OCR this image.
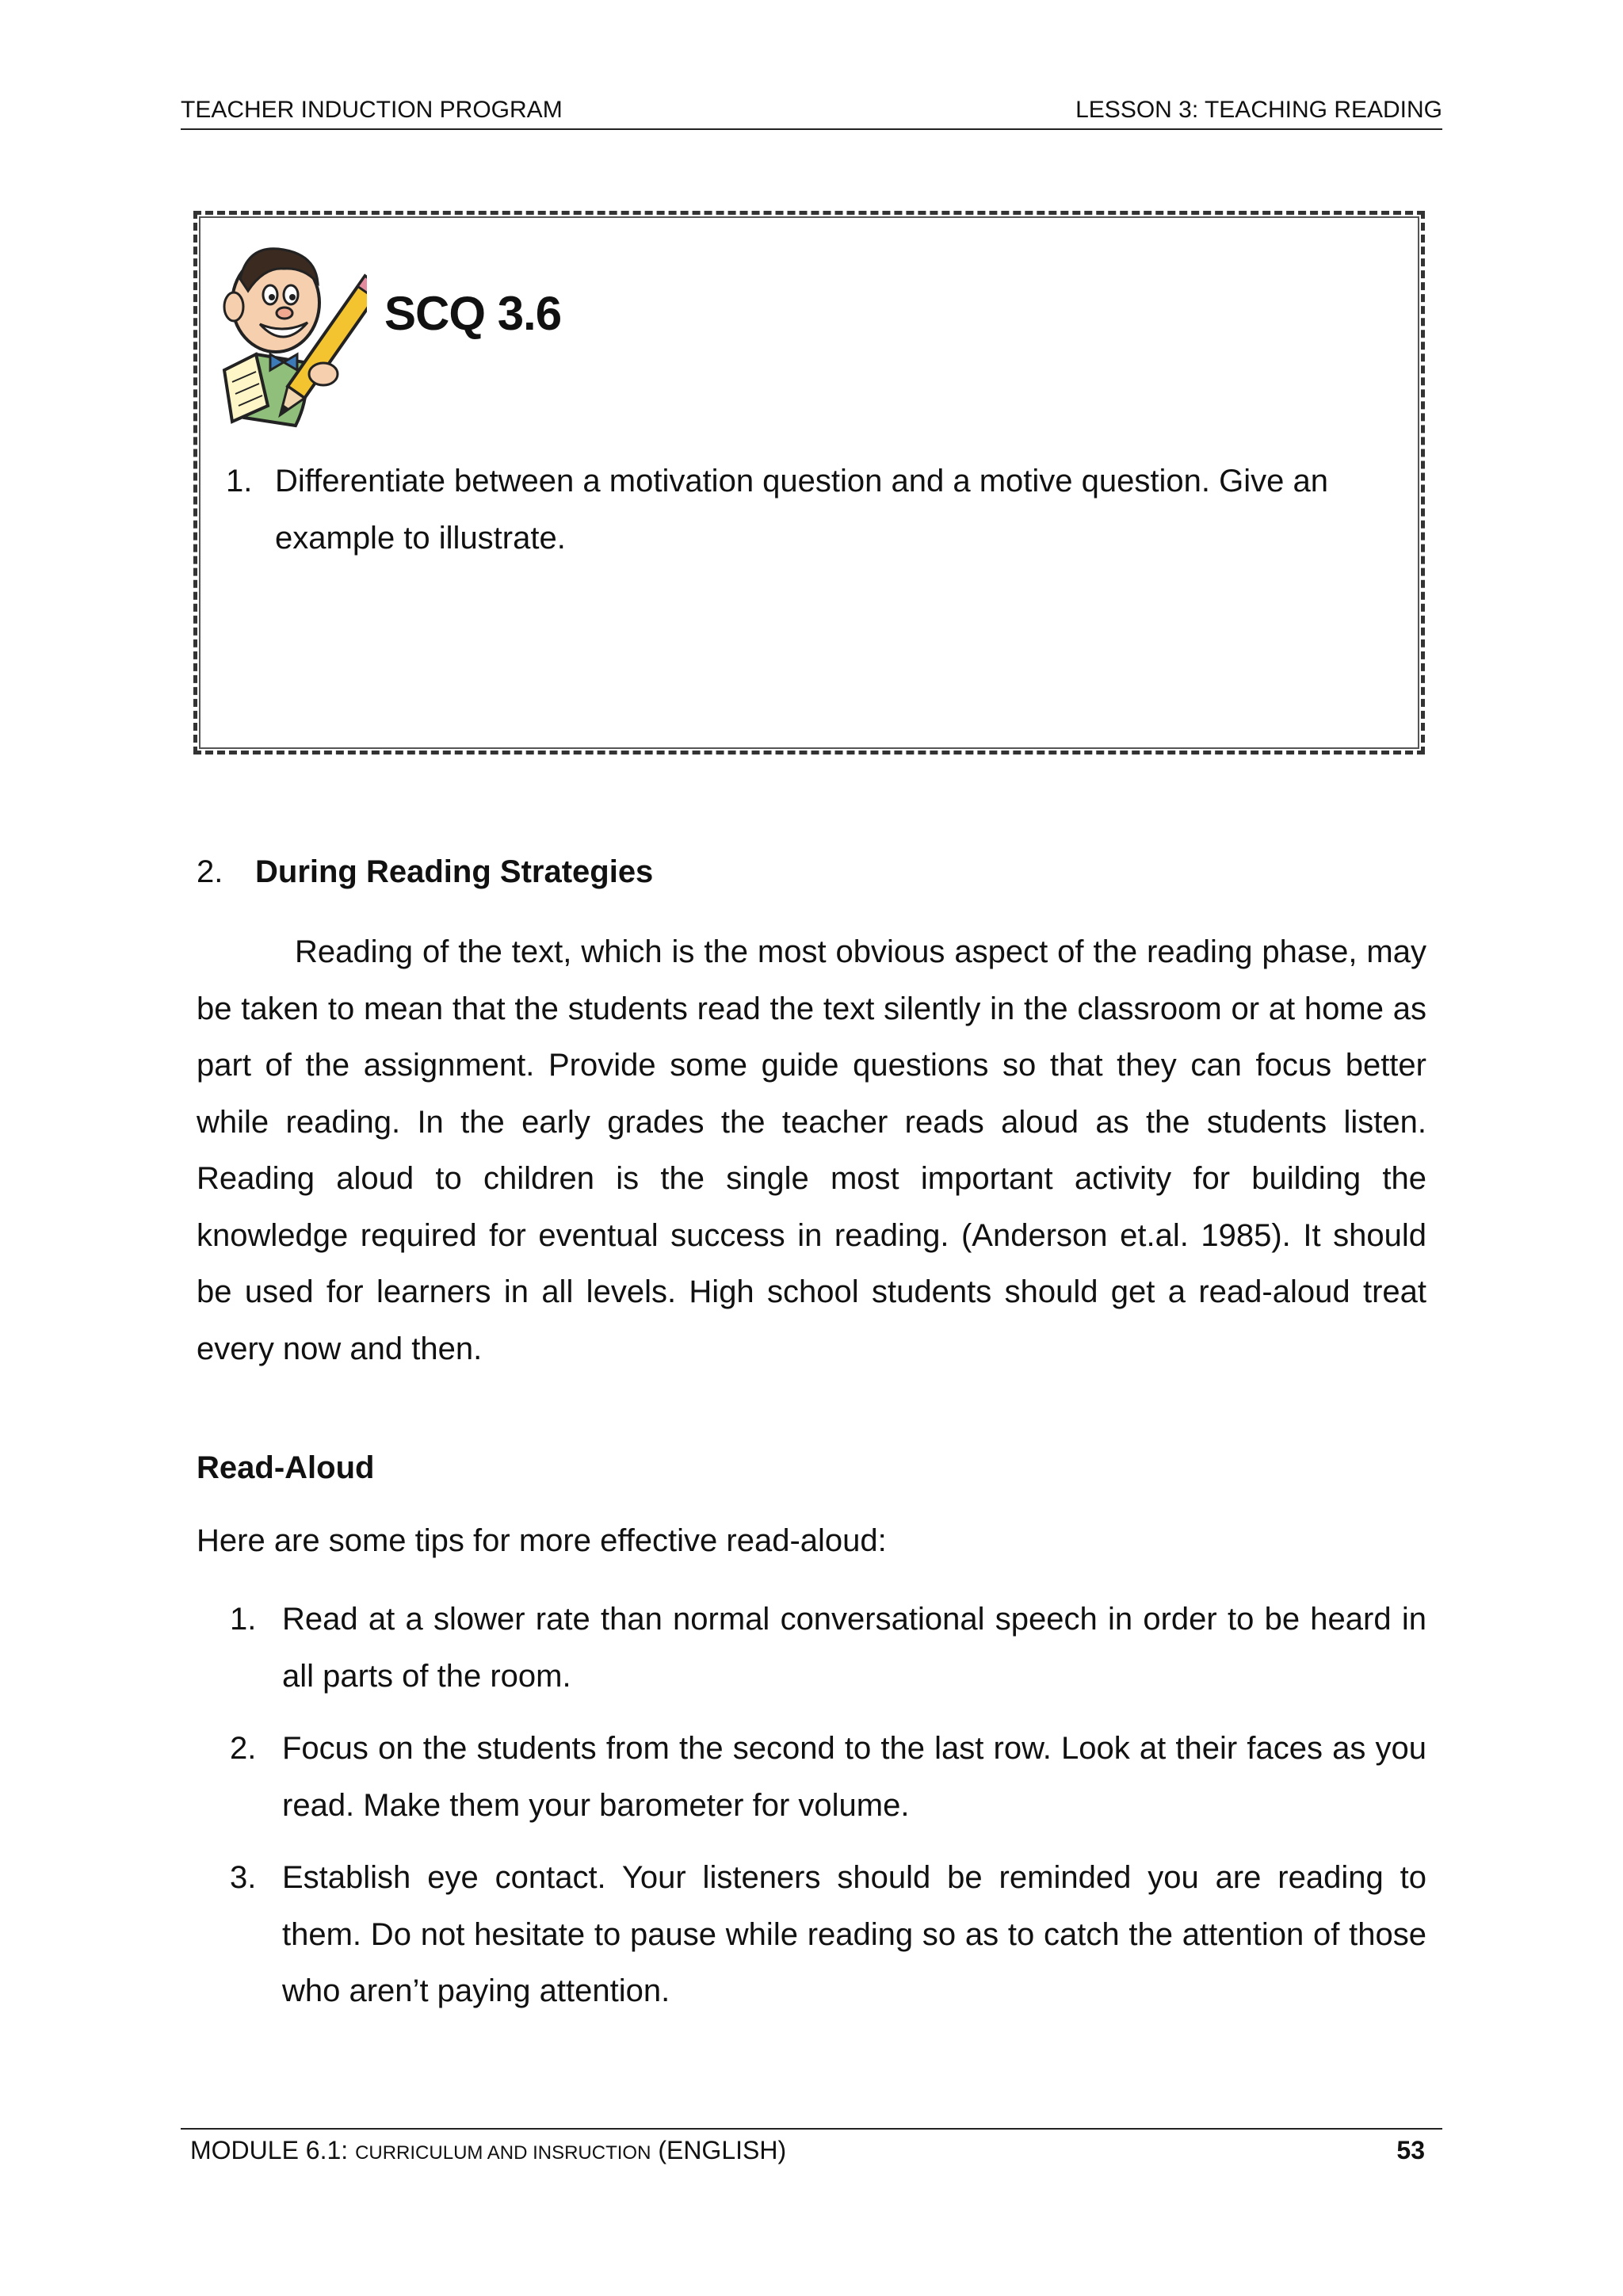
TEACHER INDUCTION PROGRAM	LESSON 3: TEACHING READING
SCQ 3.6
1. Differentiate between a motivation question and a motive question. Give an example to illustrate.
2. During Reading Strategies
Reading of the text, which is the most obvious aspect of the reading phase, may be taken to mean that the students read the text silently in the classroom or at home as part of the assignment. Provide some guide questions so that they can focus better while reading. In the early grades the teacher reads aloud as the students listen. Reading aloud to children is the single most important activity for building the knowledge required for eventual success in reading. (Anderson et.al. 1985). It should be used for learners in all levels. High school students should get a read-aloud treat every now and then.
Read-Aloud
Here are some tips for more effective read-aloud:
1. Read at a slower rate than normal conversational speech in order to be heard in all parts of the room.
2. Focus on the students from the second to the last row. Look at their faces as you read. Make them your barometer for volume.
3. Establish eye contact. Your listeners should be reminded you are reading to them. Do not hesitate to pause while reading so as to catch the attention of those who aren’t paying attention.
MODULE 6.1: CURRICULUM AND INSRUCTION (ENGLISH)	53
